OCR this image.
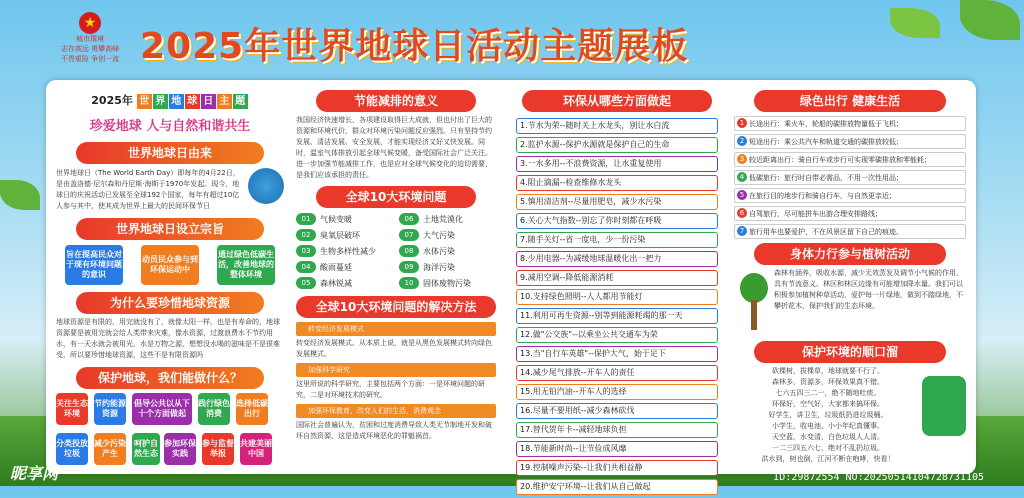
★
城市環境
志存高远 勇攀高峰
不畏艰险 争创一流 2025年世界地球日活动主题展板
2025年 世 界 地 球 日 主 题
珍爱地球 人与自然和谐共生
世界地球日由来
世界地球日（The World Earth Day）即每年的4月22日，是由盖洛德·尼尔森和丹尼斯·海斯于1970年发起。现今，地球日的庆祝活动已发展至全球192个国家，每年有超过10亿人参与其中，使其成为世界上最大的民间环保节日
世界地球日设立宗旨
旨在提高民众对于现有环境问题的意识
动员民众参与到环保运动中
通过绿色低碳生活，改善地球的整体环境
为什么要珍惜地球资源
地球资源是有限的，用完就没有了，就像太阳一样，也是有寿命的，地球资源要是被用完就会给人类带来灾难，像水资源，过渡浪费水不节约用水，有一天水就会被用光，水是万物之源，想想没水喝的滋味是不是很难受，所以要珍惜地球资源，这些不是有限资源吗
保护地球，我们能做什么？
关注生态环境
节约能源资源
倡导公共以从下十个方面做起
践行绿色消费
选择低碳出行
分类投放垃圾
减少污染产生
呵护自然生态
参加环保实践
参与监督举报
共建美丽中国
节能减排的意义
我国经济快速增长，各项建设取得巨大成就，但也付出了巨大的资源和环境代价，群众对环境污染问题反应强烈。只有坚持节约发展、清洁发展、安全发展，才能实现经济又好又快发展。同时，温室气体排放引起全球气候变暖，备受国际社会广泛关注。进一步加强节能减排工作，也是应对全球气候变化的迫切需要，是我们应该承担的责任。
全球10大环境问题
01	气候变暖	06	土地荒漠化
02	臭氧层破坏	07	大气污染
03	生物多样性减少	08	水体污染
04	酸雨蔓延	09	海洋污染
05	森林锐减	10	固体废物污染
全球10大环境问题的解决方法
转变经济发展模式
转变经济发展模式。从本质上说，就是从黑色发展模式转向绿色发展模式。
加强科学研究
这里所说的科学研究，主要包括两个方面：一是环境问题的研究，二是对环境技术的研究。
加强环保教育，改变人们的生活、消费观念
国际社会普遍认为，贫困和过度消费导致人类无节制地开发和破坏自然资源，这是造成环境恶化的罪魁祸首。
环保从哪些方面做起
1.节水为荣--随时关上水龙头，别让水白流
2.监护水源--保护水源就是保护自己的生命
3.一水多用--不浪费资源，让水重复使用
4.阻止滴漏--检查维修水龙头
5.慎用清洁剂--尽量用肥皂，减少水污染
6.关心大气指数--别忘了你时刻都在呼吸
7.随手关灯--省一度电，少一份污染
8.少用电器--为减缓地球温暖化出一把力
9.减用空调--降低能源消耗
10.支持绿色照明--人人都用节能灯
11.利用可再生资源--别等到能源耗竭的那一天
12.做"公交族"--以乘坐公共交通车为荣
13.当"自行车英雄"--保护大气，始于足下
14.减少尾气排放--开车人的责任
15.用无铅汽油--开车人的选择
16.尽量不要用纸--减少森林砍伐
17.替代贺年卡--减轻地球负担
18.节能新时尚--让节俭成风靡
19.控制噪声污染--让我们共相益静
20.维护安宁环境--让我们从自己做起
绿色出行 健康生活
1 长途出行：乘火车，轮船的碳排放物量低于飞机；
2 短途出行：乘公共汽车和轨道交通的碳排放较低；
3 较近距离出行：骑自行车或步行可实现零碳排放和零能耗；
4 低碳旅行：旅行时自带必需品，不用一次性用品；
5 在旅行目的地步行和骑自行车，与自然更亲近；
6 自驾旅行，尽可能拼车出游合理安排路线；
7 旅行用车也要爱护，不在风景区留下自己的痕迹。
身体力行参与植树活动
森林有涵养，吸收水源，减少无效蒸发及调节小气候的作用，具有节流意义。林区和林区边缘有可能增加降水量。我们可以积极参加植树种草活动，爱护每一片绿地，做到不踏绿地，不攀折花木，保护我们的生态环境。
保护环境的顺口溜
砍棵树，拔棵草，地球就要不行了。
森林多，资源多，环保效果真不错。
七六五四三二一，绝不随地吐痰。
环保好，空气好，大家都来搞环保。
好学生，讲卫生，垃圾纸扔进垃圾桶。
小学生，收电池，小小年纪真懂事。
天空蓝，水变清，白色垃圾人人清。
一二三四五六七，绝对不乱扔垃圾。
洪水到，树也倒，江河不断在咆哮，快看！
昵享网	ID:29872554 NO:20250514104728731105
